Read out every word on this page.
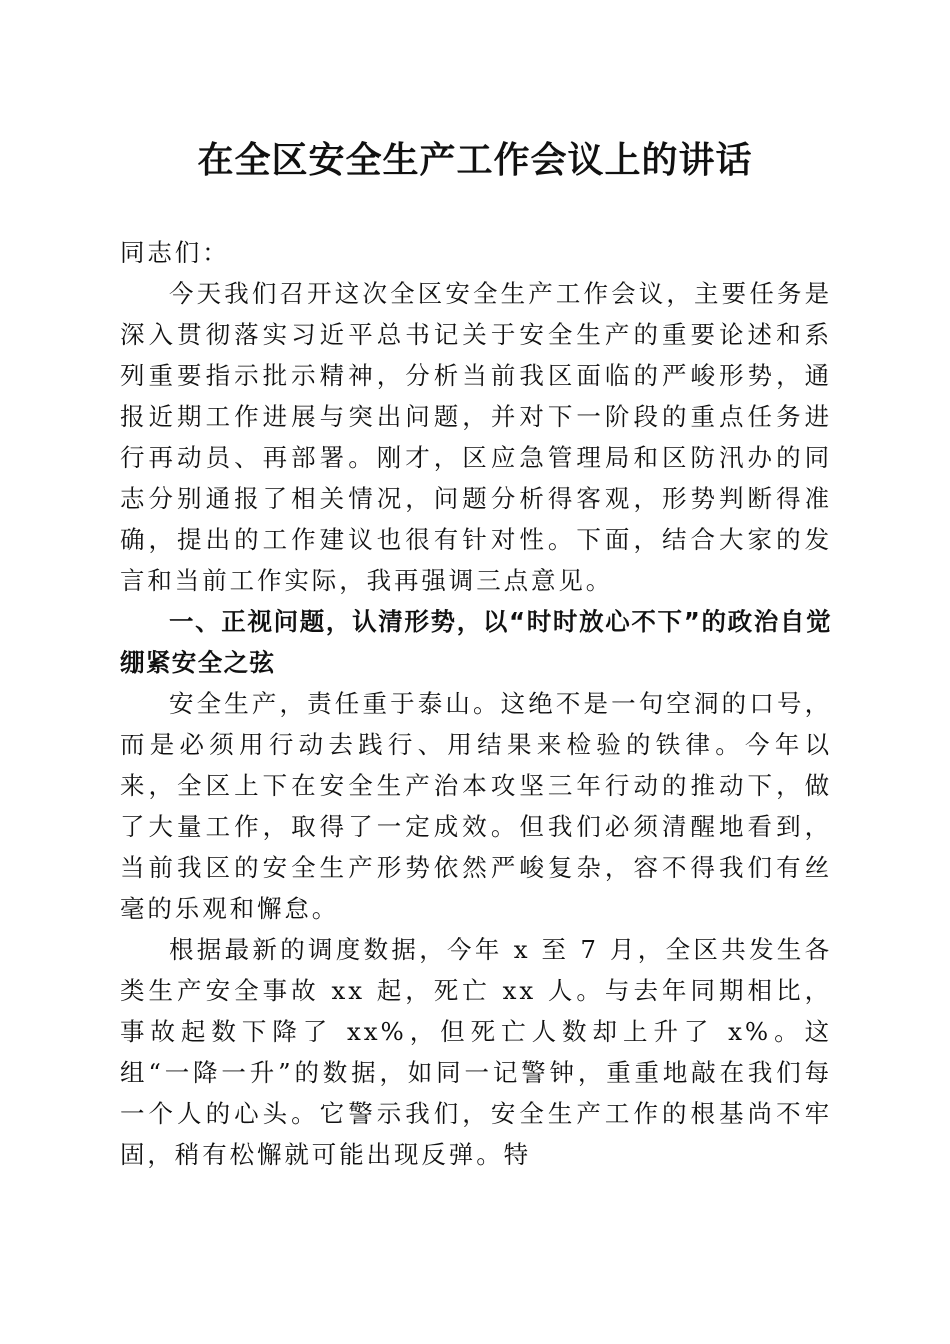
在全区安全生产工作会议上的讲话

同志们：

今天我们召开这次全区安全生产工作会议，主要任务是深入贯彻落实习近平总书记关于安全生产的重要论述和系列重要指示批示精神，分析当前我区面临的严峻形势，通报近期工作进展与突出问题，并对下一阶段的重点任务进行再动员、再部署。刚才，区应急管理局和区防汛办的同志分别通报了相关情况，问题分析得客观，形势判断得准确，提出的工作建议也很有针对性。下面，结合大家的发言和当前工作实际，我再强调三点意见。

一、正视问题，认清形势，以“时时放心不下”的政治自觉绷紧安全之弦

安全生产，责任重于泰山。这绝不是一句空洞的口号，而是必须用行动去践行、用结果来检验的铁律。今年以来，全区上下在安全生产治本攻坚三年行动的推动下，做了大量工作，取得了一定成效。但我们必须清醒地看到，当前我区的安全生产形势依然严峻复杂，容不得我们有丝毫的乐观和懈怠。

根据最新的调度数据，今年 x 至 7 月，全区共发生各类生产安全事故 xx 起，死亡 xx 人。与去年同期相比，事故起数下降了 xx%，但死亡人数却上升了 x%。这组“一降一升”的数据，如同一记警钟，重重地敲在我们每一个人的心头。它警示我们，安全生产工作的根基尚不牢固，稍有松懈就可能出现反弹。特
